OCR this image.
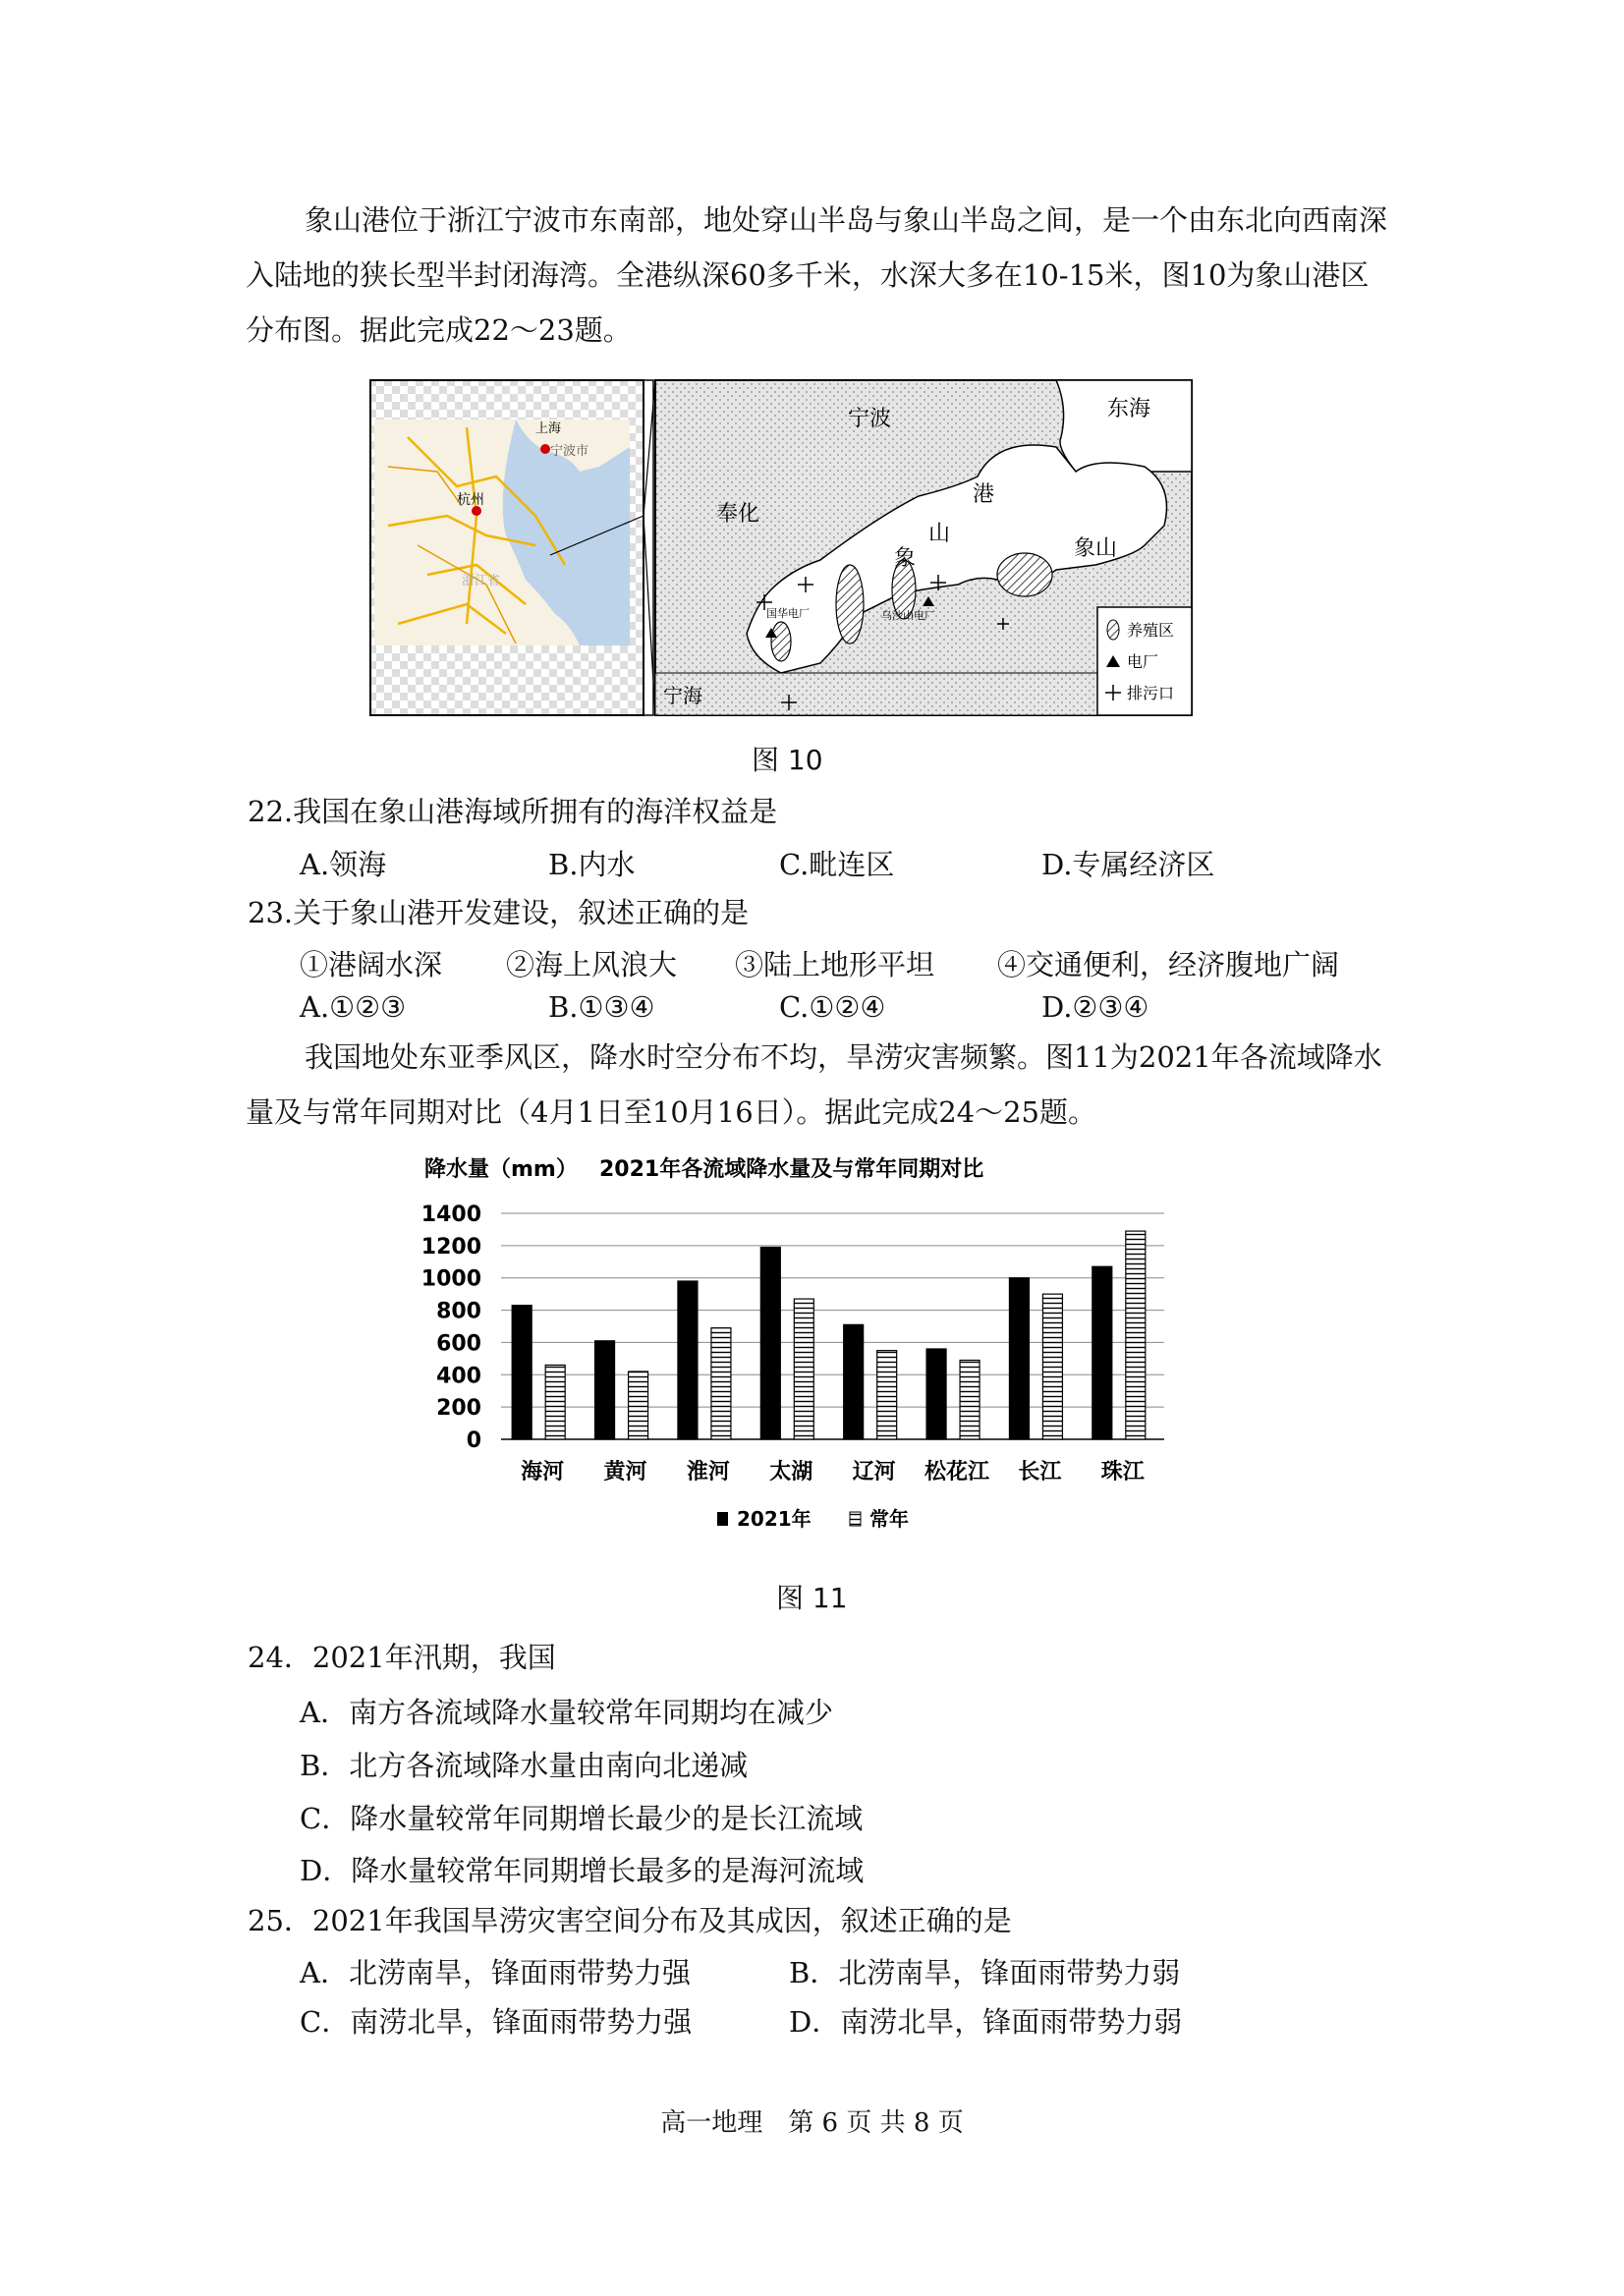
象山港位于浙江宁波市东南部，地处穿山半岛与象山半岛之间，是一个由东北向西南深入陆地的狭长型半封闭海湾。全港纵深60多千米，水深大多在10-15米，图10为象山港区分布图。据此完成22～23题。

上海
宁波市
杭州
浙江省
宁波	东海
奉化
港
山
象	象山
宁海
国华电厂	乌沙山电厂
养殖区
电厂
排污口
图 10
22.我国在象山港海域所拥有的海洋权益是
A.领海	B.内水	C.毗连区	D.专属经济区
23.关于象山港开发建设，叙述正确的是
①港阔水深 ②海上风浪大 ③陆上地形平坦 ④交通便利，经济腹地广阔
A.①②③	B.①③④	C.①②④	D.②③④

我国地处东亚季风区，降水时空分布不均，旱涝灾害频繁。图11为2021年各流域降水量及与常年同期对比（4月1日至10月16日）。据此完成24～25题。

降水量（mm） 2021年各流域降水量及与常年同期对比
0
200
400
600
800
1000
1200
1400
海河 黄河 淮河 太湖 辽河 松花江 长江 珠江
2021年	常年
图 11
24．2021年汛期，我国
A．南方各流域降水量较常年同期均在减少
B．北方各流域降水量由南向北递减
C．降水量较常年同期增长最少的是长江流域
D．降水量较常年同期增长最多的是海河流域
25．2021年我国旱涝灾害空间分布及其成因，叙述正确的是
A．北涝南旱，锋面雨带势力强	B．北涝南旱，锋面雨带势力弱
C．南涝北旱，锋面雨带势力强	D．南涝北旱，锋面雨带势力弱
高一地理　第 6 页 共 8 页
